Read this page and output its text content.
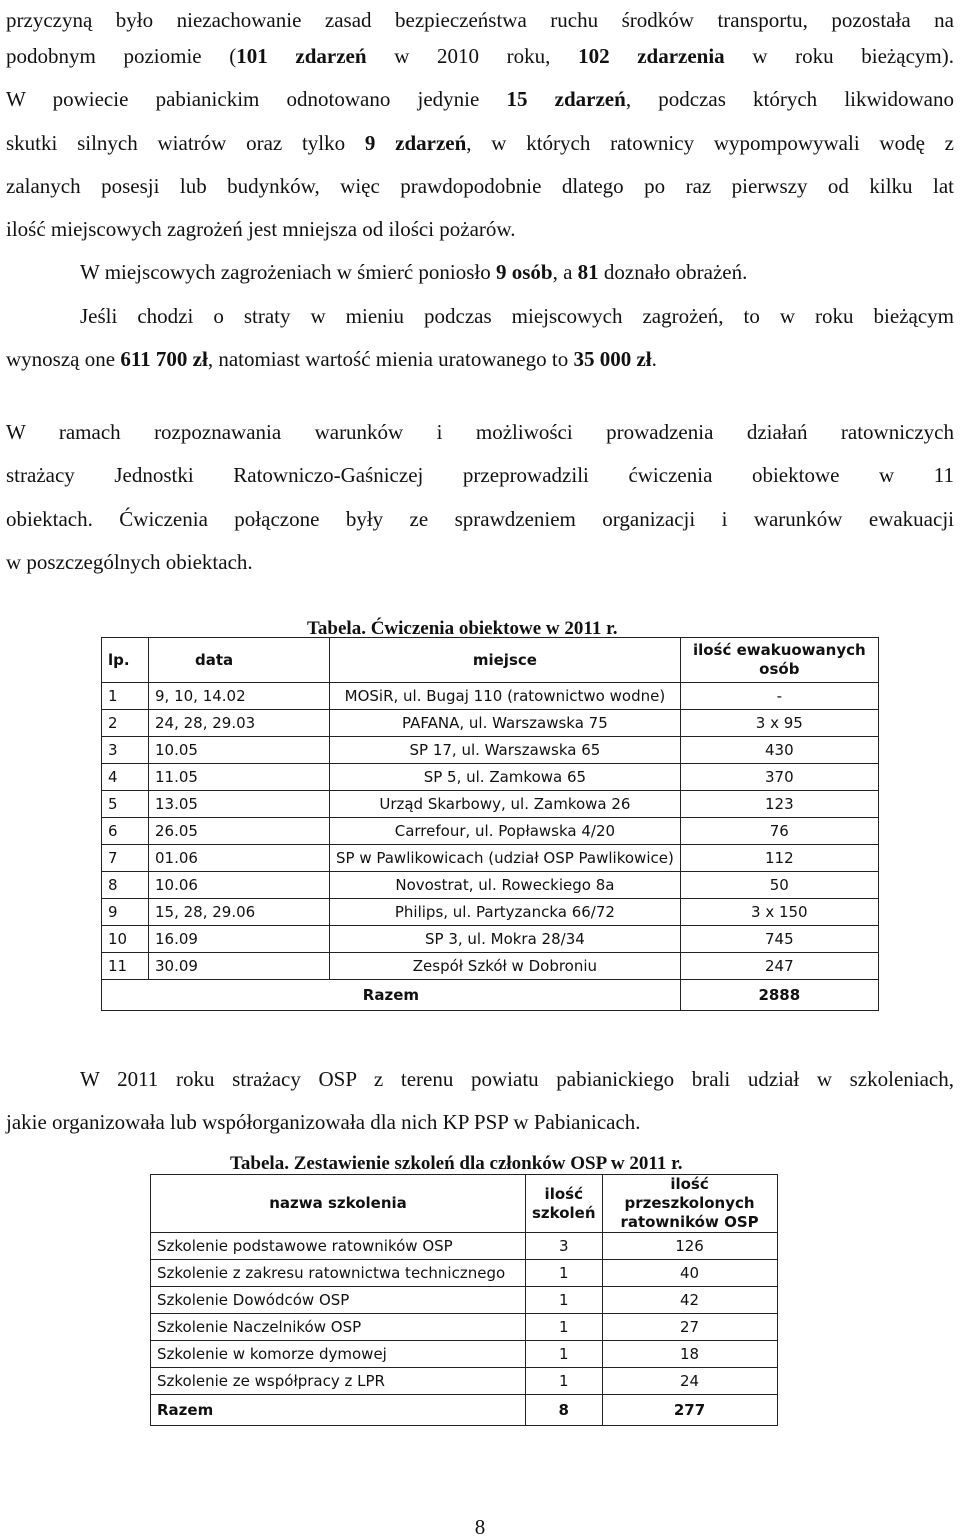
przyczyną było niezachowanie zasad bezpieczeństwa ruchu środków transportu, pozostała na
podobnym poziomie (101 zdarzeń w 2010 roku, 102 zdarzenia w roku bieżącym).
W powiecie pabianickim odnotowano jedynie 15 zdarzeń, podczas których likwidowano
skutki silnych wiatrów oraz tylko 9 zdarzeń, w których ratownicy wypompowywali wodę z
zalanych posesji lub budynków, więc prawdopodobnie dlatego po raz pierwszy od kilku lat
ilość miejscowych zagrożeń jest mniejsza od ilości pożarów.
W miejscowych zagrożeniach w śmierć poniosło 9 osób, a 81 doznało obrażeń.
Jeśli chodzi o straty w mieniu podczas miejscowych zagrożeń, to w roku bieżącym
wynoszą one 611 700 zł, natomiast wartość mienia uratowanego to 35 000 zł.
W ramach rozpoznawania warunków i możliwości prowadzenia działań ratowniczych
strażacy Jednostki Ratowniczo-Gaśniczej przeprowadzili ćwiczenia obiektowe w 11
obiektach. Ćwiczenia połączone były ze sprawdzeniem organizacji i warunków ewakuacji
w poszczególnych obiektach.
Tabela. Ćwiczenia obiektowe w 2011 r.
lp.	data	miejsce	ilość ewakuowanych osób
1	9, 10, 14.02	MOSiR, ul. Bugaj 110 (ratownictwo wodne)	-
2	24, 28, 29.03	PAFANA, ul. Warszawska 75	3 x 95
3	10.05	SP 17, ul. Warszawska 65	430
4	11.05	SP 5, ul. Zamkowa 65	370
5	13.05	Urząd Skarbowy, ul. Zamkowa 26	123
6	26.05	Carrefour, ul. Popławska 4/20	76
7	01.06	SP w Pawlikowicach (udział OSP Pawlikowice)	112
8	10.06	Novostrat, ul. Roweckiego 8a	50
9	15, 28, 29.06	Philips, ul. Partyzancka 66/72	3 x 150
10	16.09	SP 3, ul. Mokra 28/34	745
11	30.09	Zespół Szkół w Dobroniu	247
Razem			2888
W 2011 roku strażacy OSP z terenu powiatu pabianickiego brali udział w szkoleniach,
jakie organizowała lub współorganizowała dla nich KP PSP w Pabianicach.
Tabela. Zestawienie szkoleń dla członków OSP w 2011 r.
nazwa szkolenia	ilość szkoleń	ilość przeszkolonych ratowników OSP
Szkolenie podstawowe ratowników OSP	3	126
Szkolenie z zakresu ratownictwa technicznego	1	40
Szkolenie Dowódców OSP	1	42
Szkolenie Naczelników OSP	1	27
Szkolenie w komorze dymowej	1	18
Szkolenie ze współpracy z LPR	1	24
Razem	8	277
8
